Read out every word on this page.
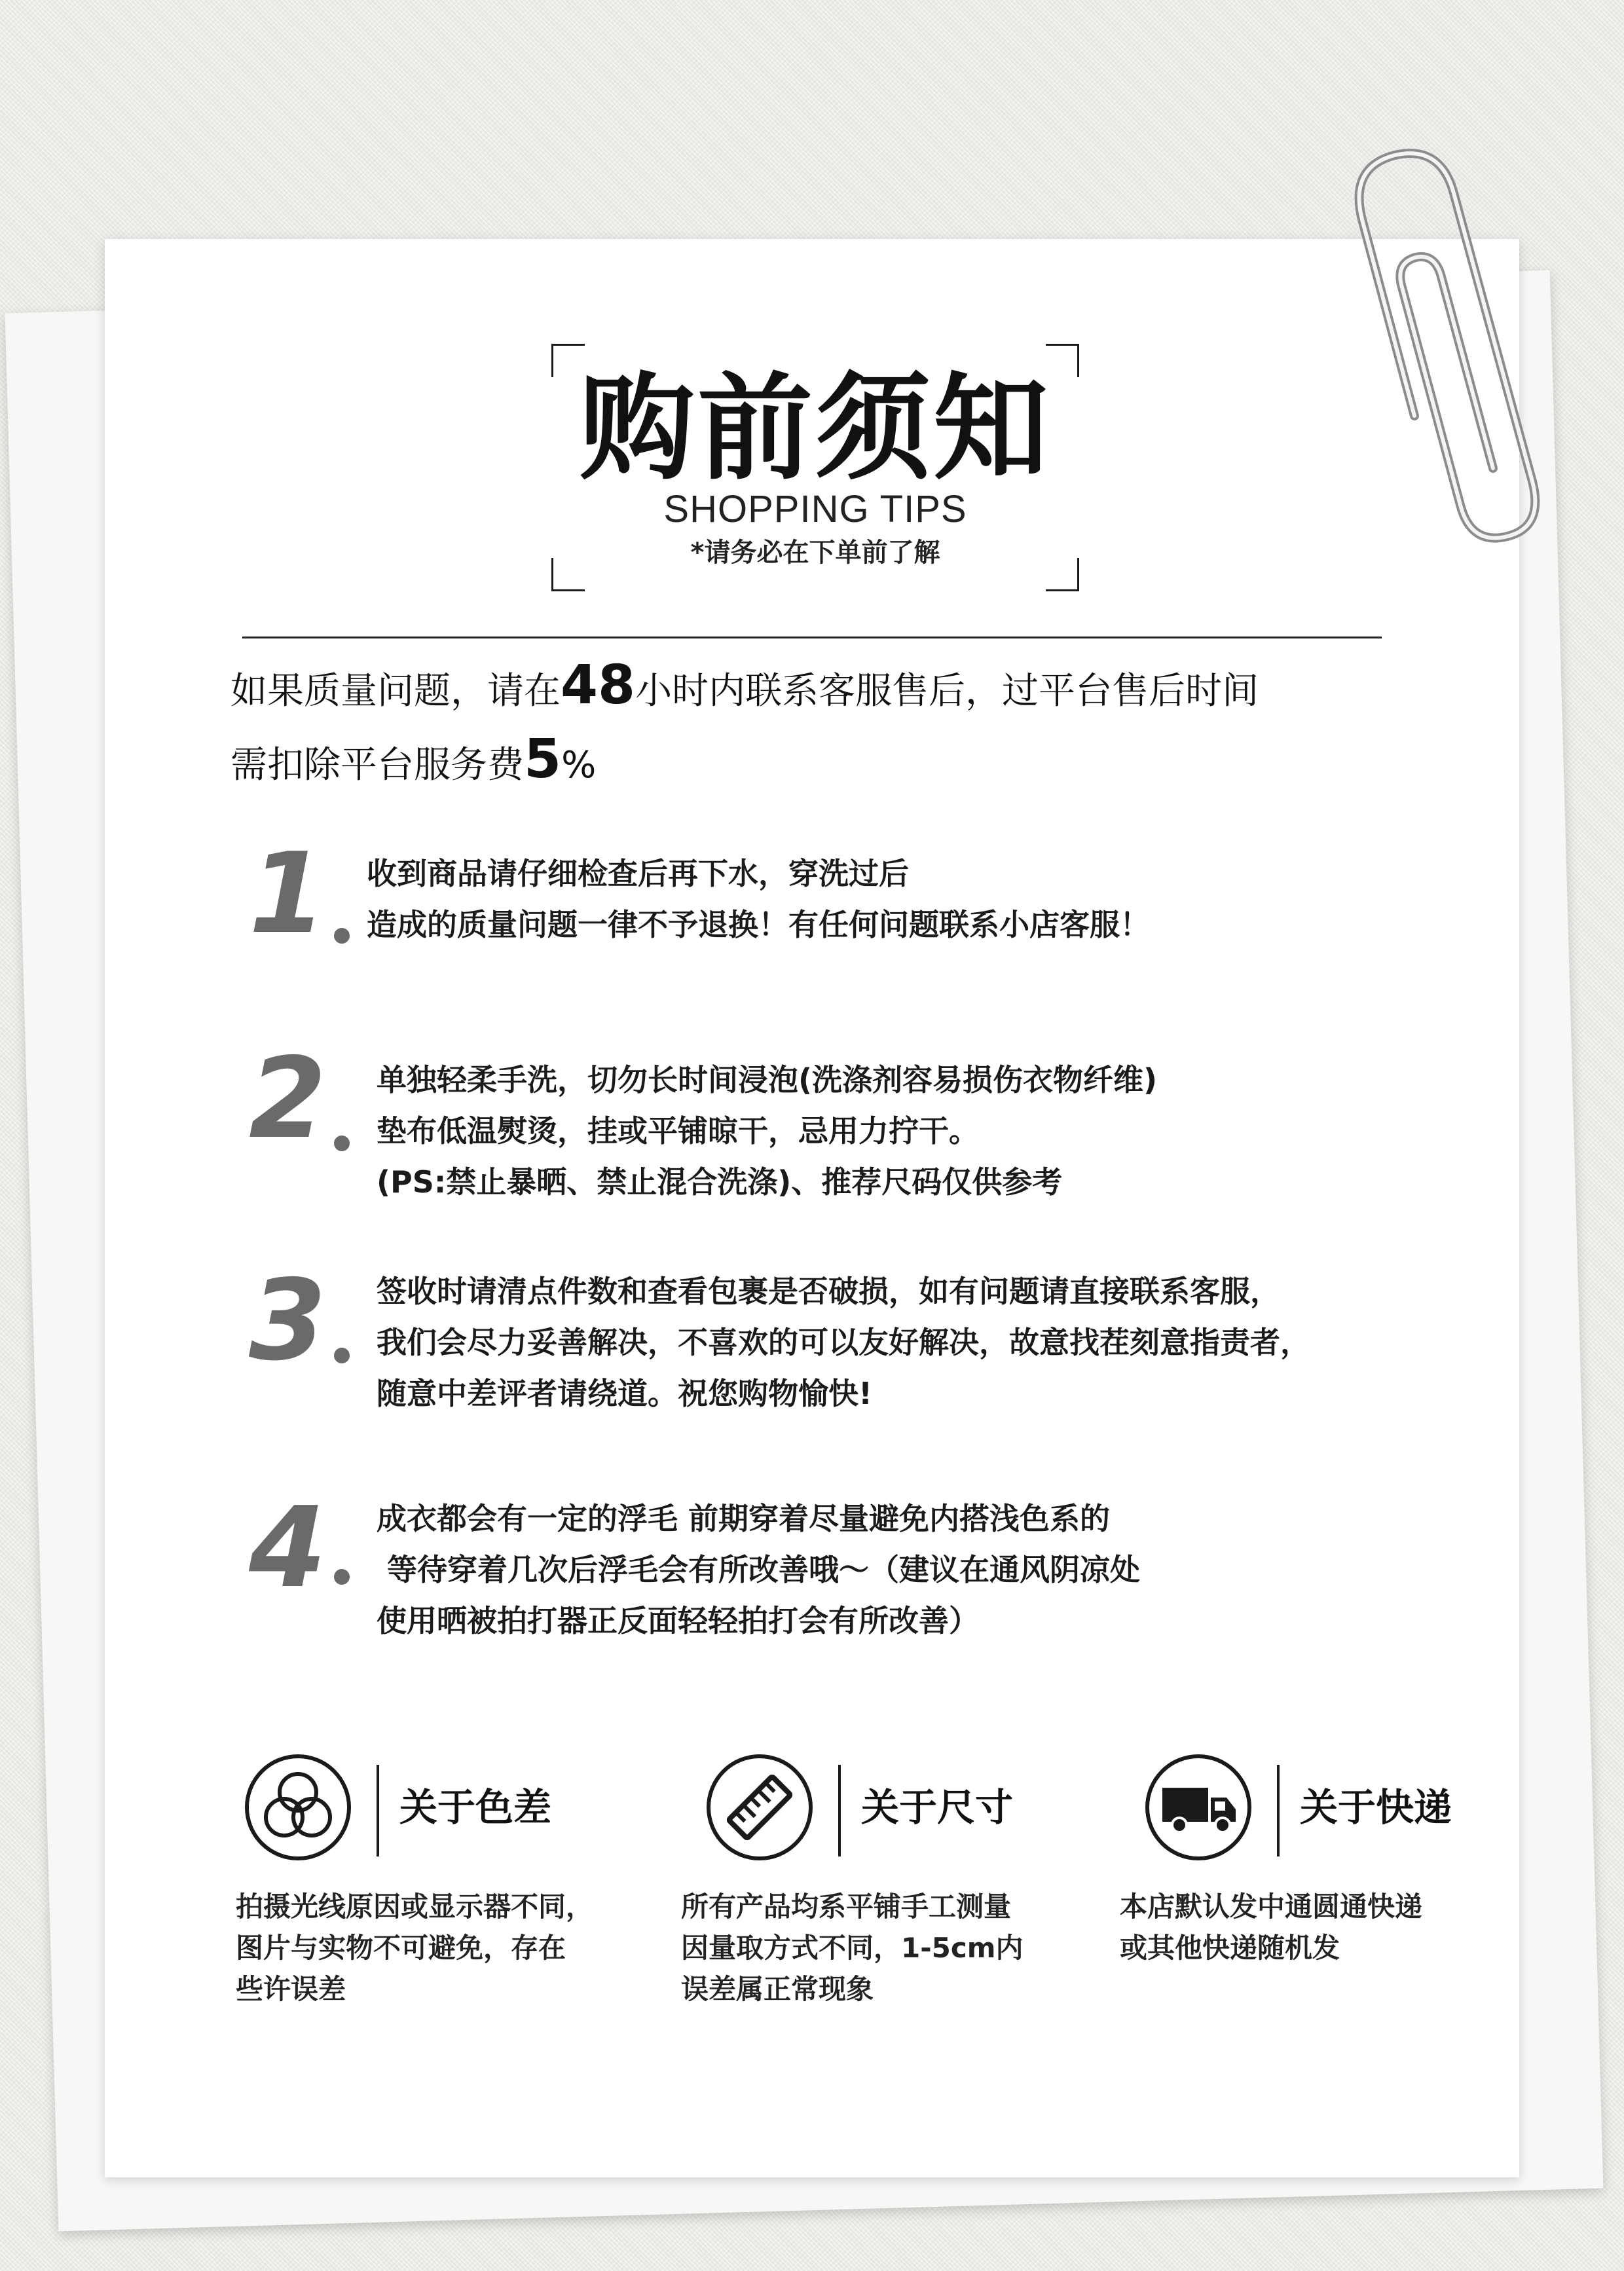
购前须知
SHOPPING TIPS
*请务必在下单前了解
如果质量问题，请在48小时内联系客服售后，过平台售后时间
需扣除平台服务费5%
1	收到商品请仔细检查后再下水，穿洗过后
造成的质量问题一律不予退换！有任何问题联系小店客服！
2	单独轻柔手洗，切勿长时间浸泡(洗涤剂容易损伤衣物纤维)
垫布低温熨烫，挂或平铺晾干，忌用力拧干。
(PS:禁止暴晒、禁止混合洗涤)、推荐尺码仅供参考
3	签收时请清点件数和查看包裹是否破损，如有问题请直接联系客服，
我们会尽力妥善解决，不喜欢的可以友好解决，故意找茬刻意指责者，
随意中差评者请绕道。祝您购物愉快!
4	成衣都会有一定的浮毛 前期穿着尽量避免内搭浅色系的
等待穿着几次后浮毛会有所改善哦～（建议在通风阴凉处
使用晒被拍打器正反面轻轻拍打会有所改善）
关于色差
拍摄光线原因或显示器不同，
图片与实物不可避免，存在
些许误差
关于尺寸
所有产品均系平铺手工测量
因量取方式不同，1-5cm内
误差属正常现象
关于快递
本店默认发中通圆通快递
或其他快递随机发
